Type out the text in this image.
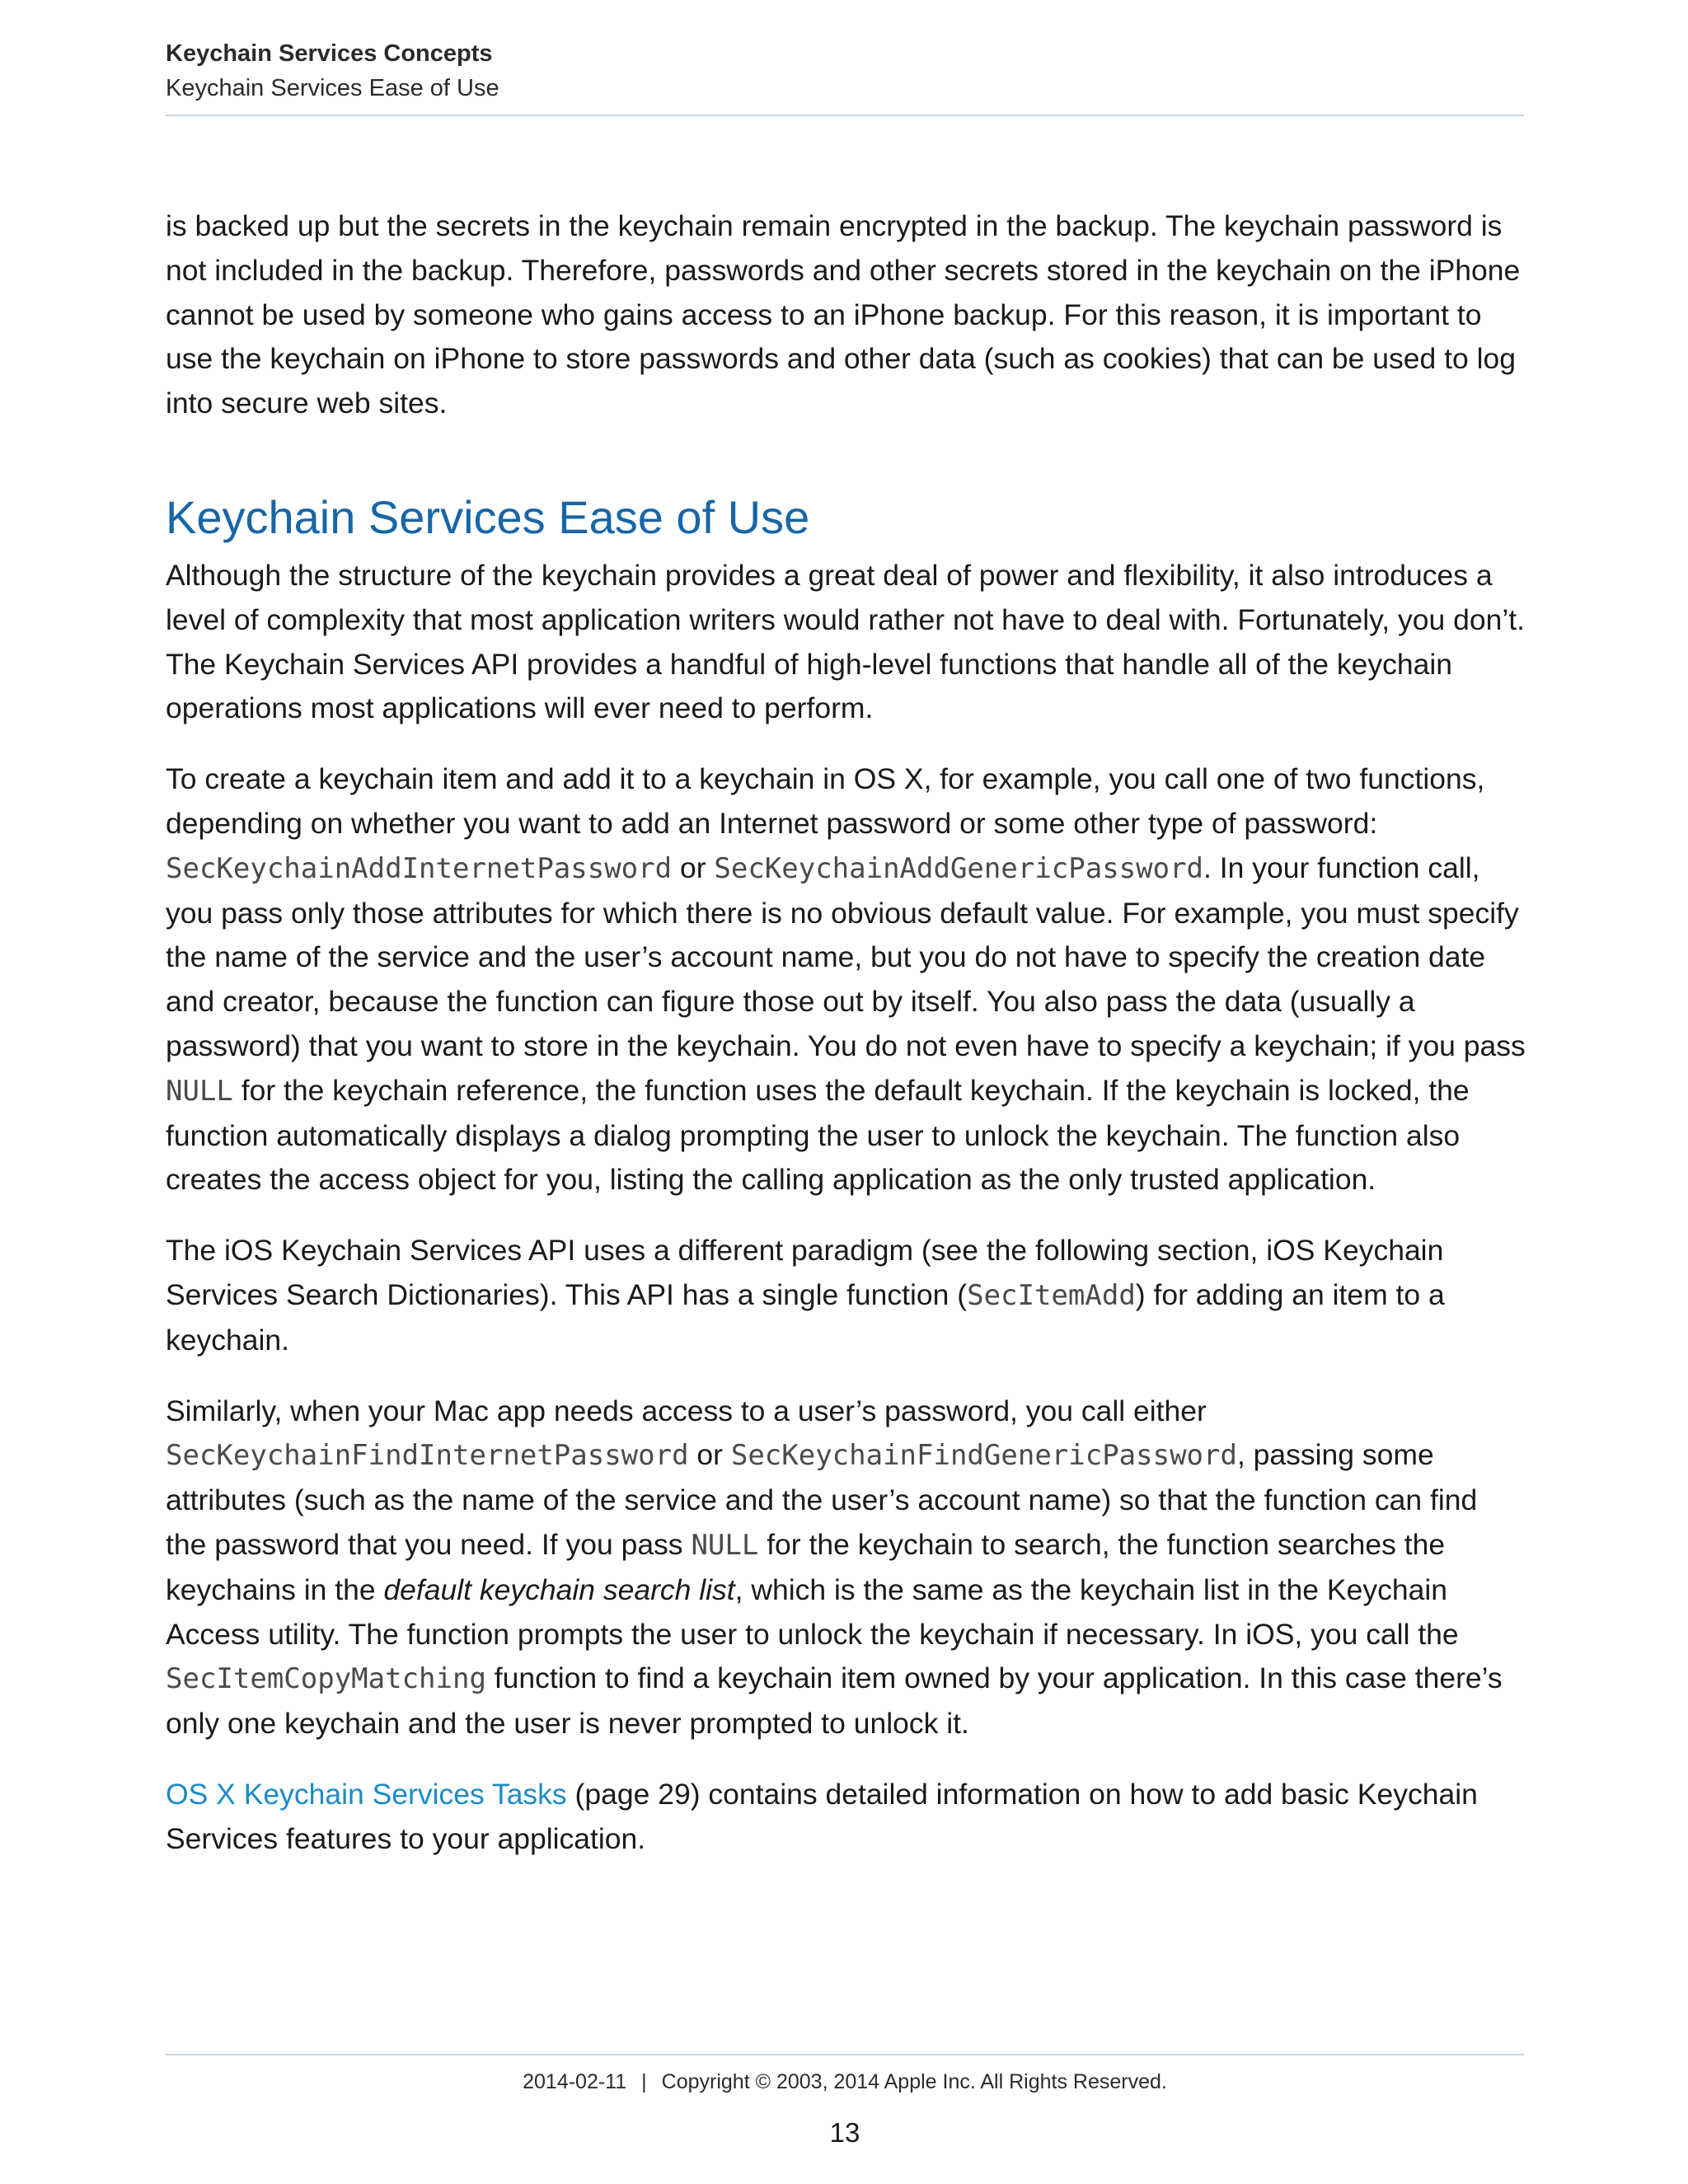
Keychain Services Concepts
Keychain Services Ease of Use

is backed up but the secrets in the keychain remain encrypted in the backup. The keychain password is not included in the backup. Therefore, passwords and other secrets stored in the keychain on the iPhone cannot be used by someone who gains access to an iPhone backup. For this reason, it is important to use the keychain on iPhone to store passwords and other data (such as cookies) that can be used to log into secure web sites.

Keychain Services Ease of Use

Although the structure of the keychain provides a great deal of power and flexibility, it also introduces a level of complexity that most application writers would rather not have to deal with. Fortunately, you don’t. The Keychain Services API provides a handful of high-level functions that handle all of the keychain operations most applications will ever need to perform.

To create a keychain item and add it to a keychain in OS X, for example, you call one of two functions, depending on whether you want to add an Internet password or some other type of password: SecKeychainAddInternetPassword or SecKeychainAddGenericPassword. In your function call, you pass only those attributes for which there is no obvious default value. For example, you must specify the name of the service and the user’s account name, but you do not have to specify the creation date and creator, because the function can figure those out by itself. You also pass the data (usually a password) that you want to store in the keychain. You do not even have to specify a keychain; if you pass NULL for the keychain reference, the function uses the default keychain. If the keychain is locked, the function automatically displays a dialog prompting the user to unlock the keychain. The function also creates the access object for you, listing the calling application as the only trusted application.

The iOS Keychain Services API uses a different paradigm (see the following section, iOS Keychain Services Search Dictionaries). This API has a single function (SecItemAdd) for adding an item to a keychain.

Similarly, when your Mac app needs access to a user’s password, you call either SecKeychainFindInternetPassword or SecKeychainFindGenericPassword, passing some attributes (such as the name of the service and the user’s account name) so that the function can find the password that you need. If you pass NULL for the keychain to search, the function searches the keychains in the default keychain search list, which is the same as the keychain list in the Keychain Access utility. The function prompts the user to unlock the keychain if necessary. In iOS, you call the SecItemCopyMatching function to find a keychain item owned by your application. In this case there’s only one keychain and the user is never prompted to unlock it.

OS X Keychain Services Tasks (page 29) contains detailed information on how to add basic Keychain Services features to your application.

2014-02-11 | Copyright © 2003, 2014 Apple Inc. All Rights Reserved.
13
